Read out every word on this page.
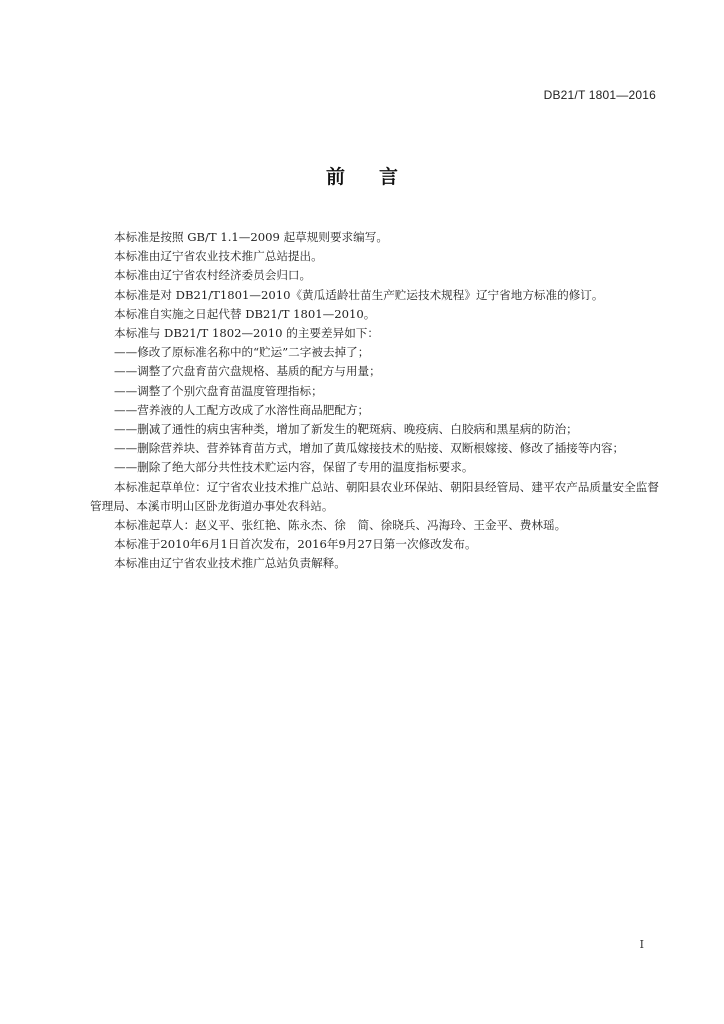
DB21/T 1801—2016
前 言

本标准是按照 GB/T 1.1—2009 起草规则要求编写。

本标准由辽宁省农业技术推广总站提出。

本标准由辽宁省农村经济委员会归口。

本标准是对 DB21/T1801—2010《黄瓜适龄壮苗生产贮运技术规程》辽宁省地方标准的修订。

本标准自实施之日起代替 DB21/T 1801—2010。

本标准与 DB21/T 1802—2010 的主要差异如下：

——修改了原标准名称中的“贮运”二字被去掉了；

——调整了穴盘育苗穴盘规格、基质的配方与用量；

——调整了个别穴盘育苗温度管理指标；

——营养液的人工配方改成了水溶性商品肥配方；

——删减了通性的病虫害种类，增加了新发生的靶斑病、晚疫病、白胶病和黑星病的防治；

——删除营养块、营养钵育苗方式，增加了黄瓜嫁接技术的贴接、双断根嫁接、修改了插接等内容；

——删除了绝大部分共性技术贮运内容，保留了专用的温度指标要求。

本标准起草单位：辽宁省农业技术推广总站、朝阳县农业环保站、朝阳县经管局、建平农产品质量安全监督管理局、本溪市明山区卧龙街道办事处农科站。

本标准起草人：赵义平、张红艳、陈永杰、徐　简、徐晓兵、冯海玲、王金平、费林瑶。

本标准于2010年6月1日首次发布，2016年9月27日第一次修改发布。

本标准由辽宁省农业技术推广总站负责解释。

I
